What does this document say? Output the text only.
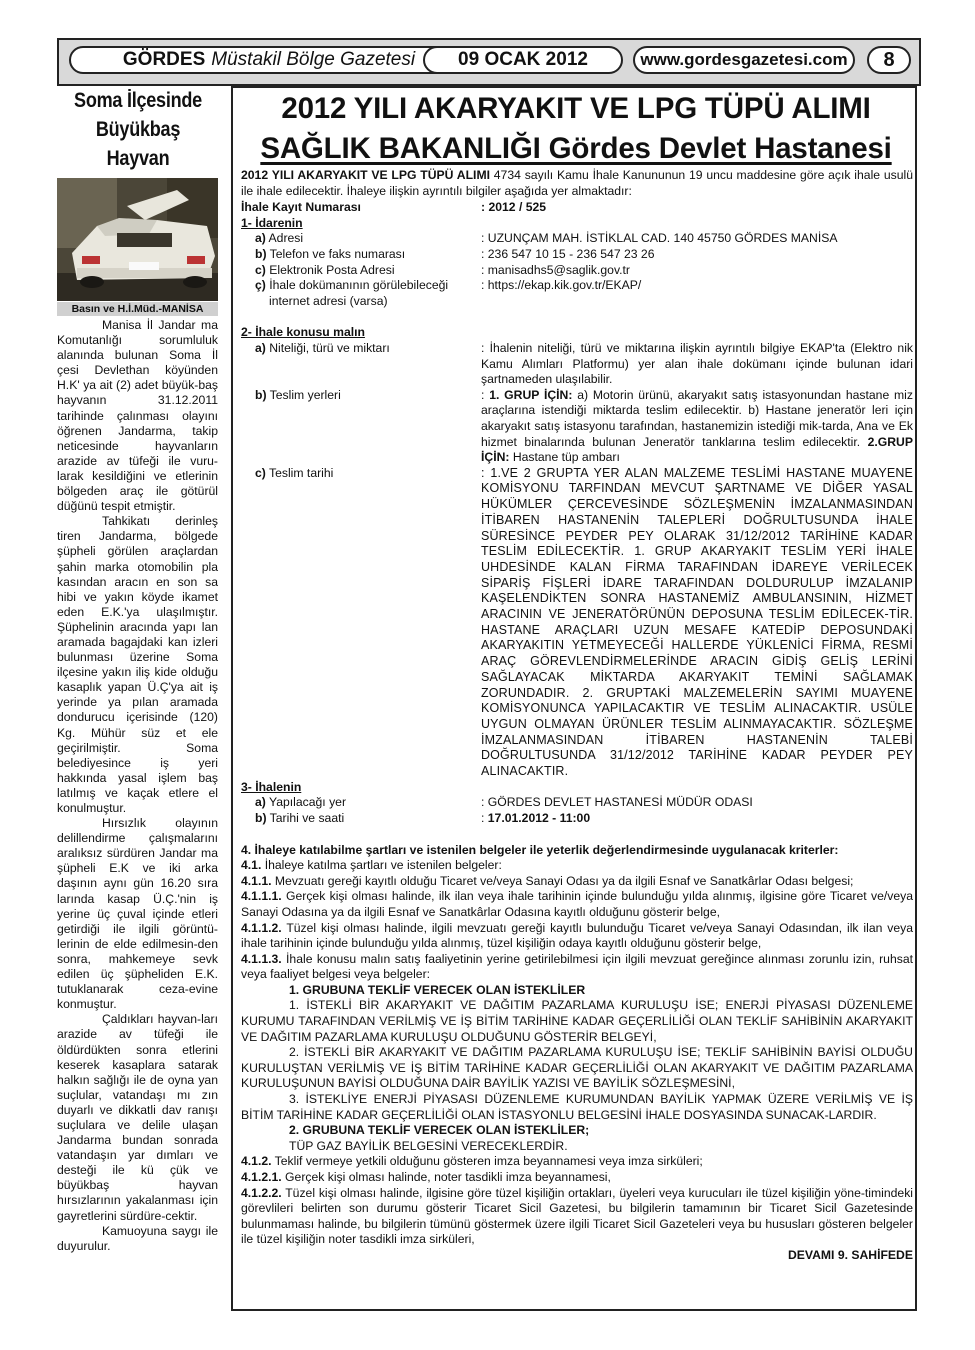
GÖRDES Müstakil Bölge Gazetesi	09 OCAK 2012	www.gordesgazetesi.com	8

Soma İlçesinde

Büyükbaş Hayvan

Basın ve H.İ.Müd.-MANİSA

Manisa İl Jandar ma Komutanlığı sorumluluk alanında bulunan Soma İl çesi Devlethan köyünden H.K' ya ait (2) adet büyük-baş hayvanın 31.12.2011 tarihinde çalınması olayını öğrenen Jandarma, takip neticesinde hayvanların arazide av tüfeği ile vuru-larak kesildiğini ve etlerinin bölgeden araç ile götürül düğünü tespit etmiştir.

Tahkikatı derinleş tiren Jandarma, bölgede şüpheli görülen araçlardan şahin marka otomobilin pla kasından aracın en son sa hibi ve yakın köyde ikamet eden E.K.'ya ulaşılmıştır. Şüphelinin aracında yapı lan aramada bagajdaki kan izleri bulunması üzerine Soma ilçesine yakın iliş kide olduğu kasaplık yapan Ü.Ç'ya ait iş yerinde ya pılan aramada dondurucu içerisinde (120) Kg. Mühür süz et ele geçirilmiştir. Soma belediyesince iş yeri hakkında yasal işlem baş latılmış ve kaçak etlere el konulmuştur.

Hırsızlık olayının delillendirme çalışmalarını aralıksız sürdüren Jandar ma şüpheli E.K ve iki arka daşının aynı gün 16.20 sıra larında kasap Ü.Ç.'nin iş yerine üç çuval içinde etleri getirdiği ile ilgili görüntü-lerinin de elde edilmesin-den sonra, mahkemeye sevk edilen üç şüpheliden E.K. tutuklanarak ceza-evine konmuştur.

Çaldıkları hayvan-ları arazide av tüfeği ile öldürdükten sonra etlerini keserek kasaplara satarak halkın sağlığı ile de oyna yan suçlular, vatandaşı mı zın duyarlı ve dikkatli dav ranışı suçlulara ve delile ulaşan Jandarma bundan sonrada vatandaşın yar dımları ve desteği ile kü çük ve büyükbaş hayvan hırsızlarının yakalanması için gayretlerini sürdüre-cektir.

Kamuoyuna saygı ile duyurulur.

2012 YILI AKARYAKIT VE LPG TÜPÜ ALIMI
SAĞLIK BAKANLIĞI Gördes Devlet Hastanesi

2012 YILI AKARYAKIT VE LPG TÜPÜ ALIMI 4734 sayılı Kamu İhale Kanununun 19 uncu maddesine göre açık ihale usulü ile ihale edilecektir. İhaleye ilişkin ayrıntılı bilgiler aşağıda yer almaktadır:

İhale Kayıt Numarası	: 2012 / 525

1- İdarenin

a) Adresi	: UZUNÇAM MAH. İSTİKLAL CAD. 140 45750 GÖRDES MANİSA
b) Telefon ve faks numarası	: 236 547 10 15 - 236 547 23 26
c) Elektronik Posta Adresi	: manisadhs5@saglik.gov.tr
ç) İhale dokümanının görülebileceği	: https://ekap.kik.gov.tr/EKAP/

internet adresi (varsa)

2- İhale konusu malın

a) Niteliği, türü ve miktarı	: İhalenin niteliği, türü ve miktarına ilişkin ayrıntılı bilgiye EKAP'ta (Elektro nik Kamu Alımları Platformu) yer alan ihale dokümanı içinde bulunan idari şartnameden ulaşılabilir.
b) Teslim yerleri	: 1. GRUP İÇİN: a) Motorin ürünü, akaryakıt satış istasyonundan hastane miz araçlarına istendiği miktarda teslim edilecektir. b) Hastane jeneratör leri için akaryakıt satış istasyonu tarafından, hastanemizin istediği mik-tarda, Ana ve Ek hizmet binalarında bulunan Jeneratör tanklarına teslim edilecektir. 2.GRUP İÇİN: Hastane tüp ambarı
c) Teslim tarihi	: 1.VE 2 GRUPTA YER ALAN MALZEME TESLİMİ HASTANE MUAYENE KOMİSYONU TARFINDAN MEVCUT ŞARTNAME VE DİĞER YASAL HÜKÜMLER ÇERCEVESİNDE SÖZLEŞMENİN İMZALANMASINDAN İTİBAREN HASTANENİN TALEPLERİ DOĞRULTUSUNDA İHALE SÜRESİNCE PEYDER PEY OLARAK 31/12/2012 TARİHİNE KADAR TESLİM EDİLECEKTİR. 1. GRUP AKARYAKIT TESLİM YERİ İHALE UHDESİNDE KALAN FİRMA TARAFINDAN İDAREYE VERİLECEK SİPARİŞ FİŞLERİ İDARE TARAFINDAN DOLDURULUP İMZALANIP KAŞELENDİKTEN SONRA HASTANEMİZ AMBULANSININ, HİZMET ARACININ VE JENERATÖRÜNÜN DEPOSUNA TESLİM EDİLECEK-TİR. HASTANE ARAÇLARI UZUN MESAFE KATEDİP DEPOSUNDAKİ AKARYAKITIN YETMEYECEĞİ HALLERDE YÜKLENİCİ FİRMA, RESMİ ARAÇ GÖREVLENDİRMELERİNDE ARACIN GİDİŞ GELİŞ LERİNİ SAĞLAYACAK MİKTARDA AKARYAKIT TEMİNİ SAĞLAMAK ZORUNDADIR. 2. GRUPTAKİ MALZEMELERİN SAYIMI MUAYENE KOMİSYONUNCA YAPILACAKTIR VE TESLİM ALINACAKTIR. USÜLE UYGUN OLMAYAN ÜRÜNLER TESLİM ALINMAYACAKTIR. SÖZLEŞME İMZALANMASINDAN İTİBAREN HASTANENİN TALEBİ DOĞRULTUSUNDA 31/12/2012 TARİHİNE KADAR PEYDER PEY ALINACAKTIR.

3- İhalenin

a) Yapılacağı yer	: GÖRDES DEVLET HASTANESİ MÜDÜR ODASI
b) Tarihi ve saati	: 17.01.2012 - 11:00

4. İhaleye katılabilme şartları ve istenilen belgeler ile yeterlik değerlendirmesinde uygulanacak kriterler:

4.1. İhaleye katılma şartları ve istenilen belgeler:

4.1.1. Mevzuatı gereği kayıtlı olduğu Ticaret ve/veya Sanayi Odası ya da ilgili Esnaf ve Sanatkârlar Odası belgesi;

4.1.1.1. Gerçek kişi olması halinde, ilk ilan veya ihale tarihinin içinde bulunduğu yılda alınmış, ilgisine göre Ticaret ve/veya Sanayi Odasına ya da ilgili Esnaf ve Sanatkârlar Odasına kayıtlı olduğunu gösterir belge,

4.1.1.2. Tüzel kişi olması halinde, ilgili mevzuatı gereği kayıtlı bulunduğu Ticaret ve/veya Sanayi Odasından, ilk ilan veya ihale tarihinin içinde bulunduğu yılda alınmış, tüzel kişiliğin odaya kayıtlı olduğunu gösterir belge,

4.1.1.3. İhale konusu malın satış faaliyetinin yerine getirilebilmesi için ilgili mevzuat gereğince alınması zorunlu izin, ruhsat veya faaliyet belgesi veya belgeler:

1. GRUBUNA TEKLİF VERECEK OLAN İSTEKLİLER

1. İSTEKLİ BİR AKARYAKIT VE DAĞITIM PAZARLAMA KURULUŞU İSE; ENERJİ PİYASASI DÜZENLEME KURUMU TARAFINDAN VERİLMİŞ VE İŞ BİTİM TARİHİNE KADAR GEÇERLİLİĞİ OLAN TEKLİF SAHİBİNİN AKARYAKIT VE DAĞITIM PAZARLAMA KURULUŞU OLDUĞUNU GÖSTERİR BELGEYİ,

2. İSTEKLİ BİR AKARYAKIT VE DAĞITIM PAZARLAMA KURULUŞU İSE; TEKLİF SAHİBİNİN BAYİSİ OLDUĞU KURULUŞTAN VERİLMİŞ VE İŞ BİTİM TARİHİNE KADAR GEÇERLİLİĞİ OLAN AKARYAKIT VE DAĞITIM PAZARLAMA KURULUŞUNUN BAYİSİ OLDUĞUNA DAİR BAYİLİK YAZISI VE BAYİLİK SÖZLEŞMESİNİ,

3. İSTEKLİYE ENERJİ PİYASASI DÜZENLEME KURUMUNDAN BAYİLİK YAPMAK ÜZERE VERİLMİŞ VE İŞ BİTİM TARİHİNE KADAR GEÇERLİLİĞİ OLAN İSTASYONLU BELGESİNİ İHALE DOSYASINDA SUNACAK-LARDIR.

2. GRUBUNA TEKLİF VERECEK OLAN İSTEKLİLER;

TÜP GAZ BAYİLİK BELGESİNİ VERECEKLERDİR.

4.1.2. Teklif vermeye yetkili olduğunu gösteren imza beyannamesi veya imza sirküleri;

4.1.2.1. Gerçek kişi olması halinde, noter tasdikli imza beyannamesi,

4.1.2.2. Tüzel kişi olması halinde, ilgisine göre tüzel kişiliğin ortakları, üyeleri veya kurucuları ile tüzel kişiliğin yöne-timindeki görevlileri belirten son durumu gösterir Ticaret Sicil Gazetesi, bu bilgilerin tamamının bir Ticaret Sicil Gazetesinde bulunmaması halinde, bu bilgilerin tümünü göstermek üzere ilgili Ticaret Sicil Gazeteleri veya bu hususları gösteren belgeler ile tüzel kişiliğin noter tasdikli imza sirküleri,

DEVAMI 9. SAHİFEDE
